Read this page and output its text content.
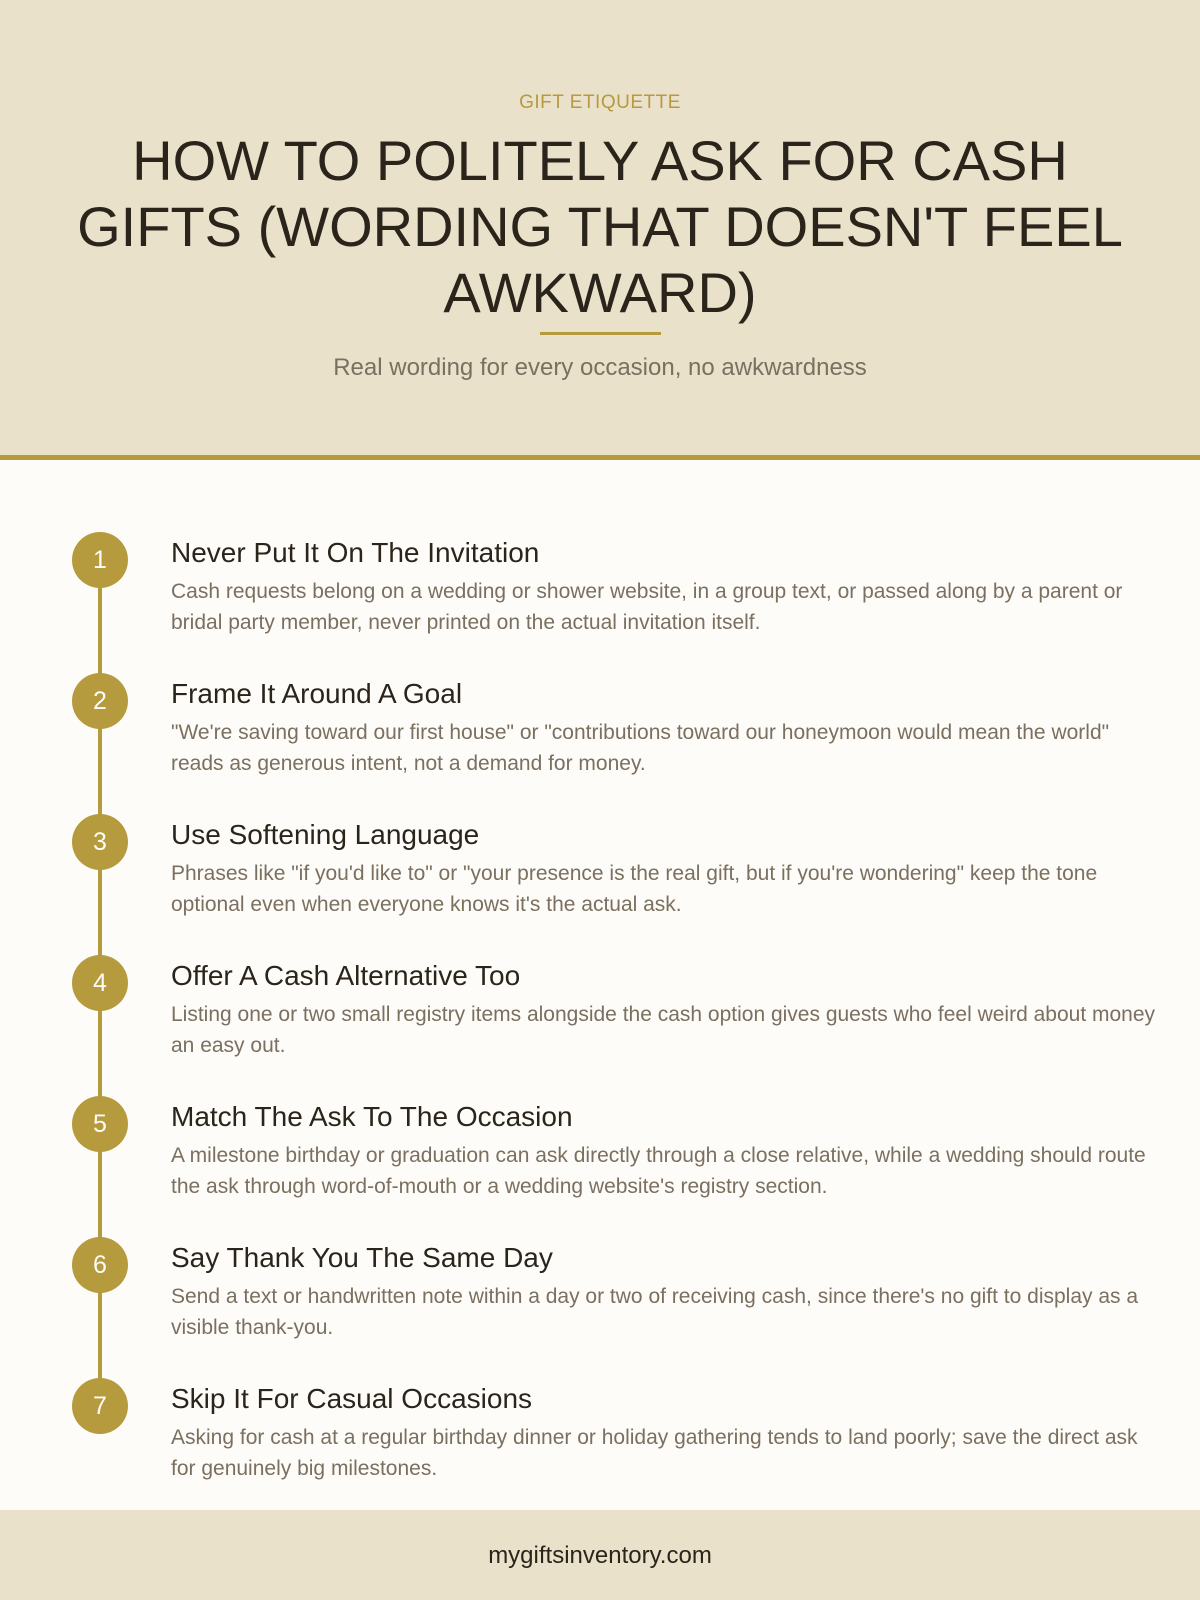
GIFT ETIQUETTE
HOW TO POLITELY ASK FOR CASH GIFTS (WORDING THAT DOESN'T FEEL AWKWARD)
Real wording for every occasion, no awkwardness
1	Never Put It On The Invitation

Cash requests belong on a wedding or shower website, in a group text, or passed along by a parent or bridal party member, never printed on the actual invitation itself.

2	Frame It Around A Goal

"We're saving toward our first house" or "contributions toward our honeymoon would mean the world" reads as generous intent, not a demand for money.

3	Use Softening Language

Phrases like "if you'd like to" or "your presence is the real gift, but if you're wondering" keep the tone optional even when everyone knows it's the actual ask.

4	Offer A Cash Alternative Too

Listing one or two small registry items alongside the cash option gives guests who feel weird about money an easy out.

5	Match The Ask To The Occasion

A milestone birthday or graduation can ask directly through a close relative, while a wedding should route the ask through word-of-mouth or a wedding website's registry section.

6	Say Thank You The Same Day

Send a text or handwritten note within a day or two of receiving cash, since there's no gift to display as a visible thank-you.

7	Skip It For Casual Occasions

Asking for cash at a regular birthday dinner or holiday gathering tends to land poorly; save the direct ask for genuinely big milestones.

mygiftsinventory.com
